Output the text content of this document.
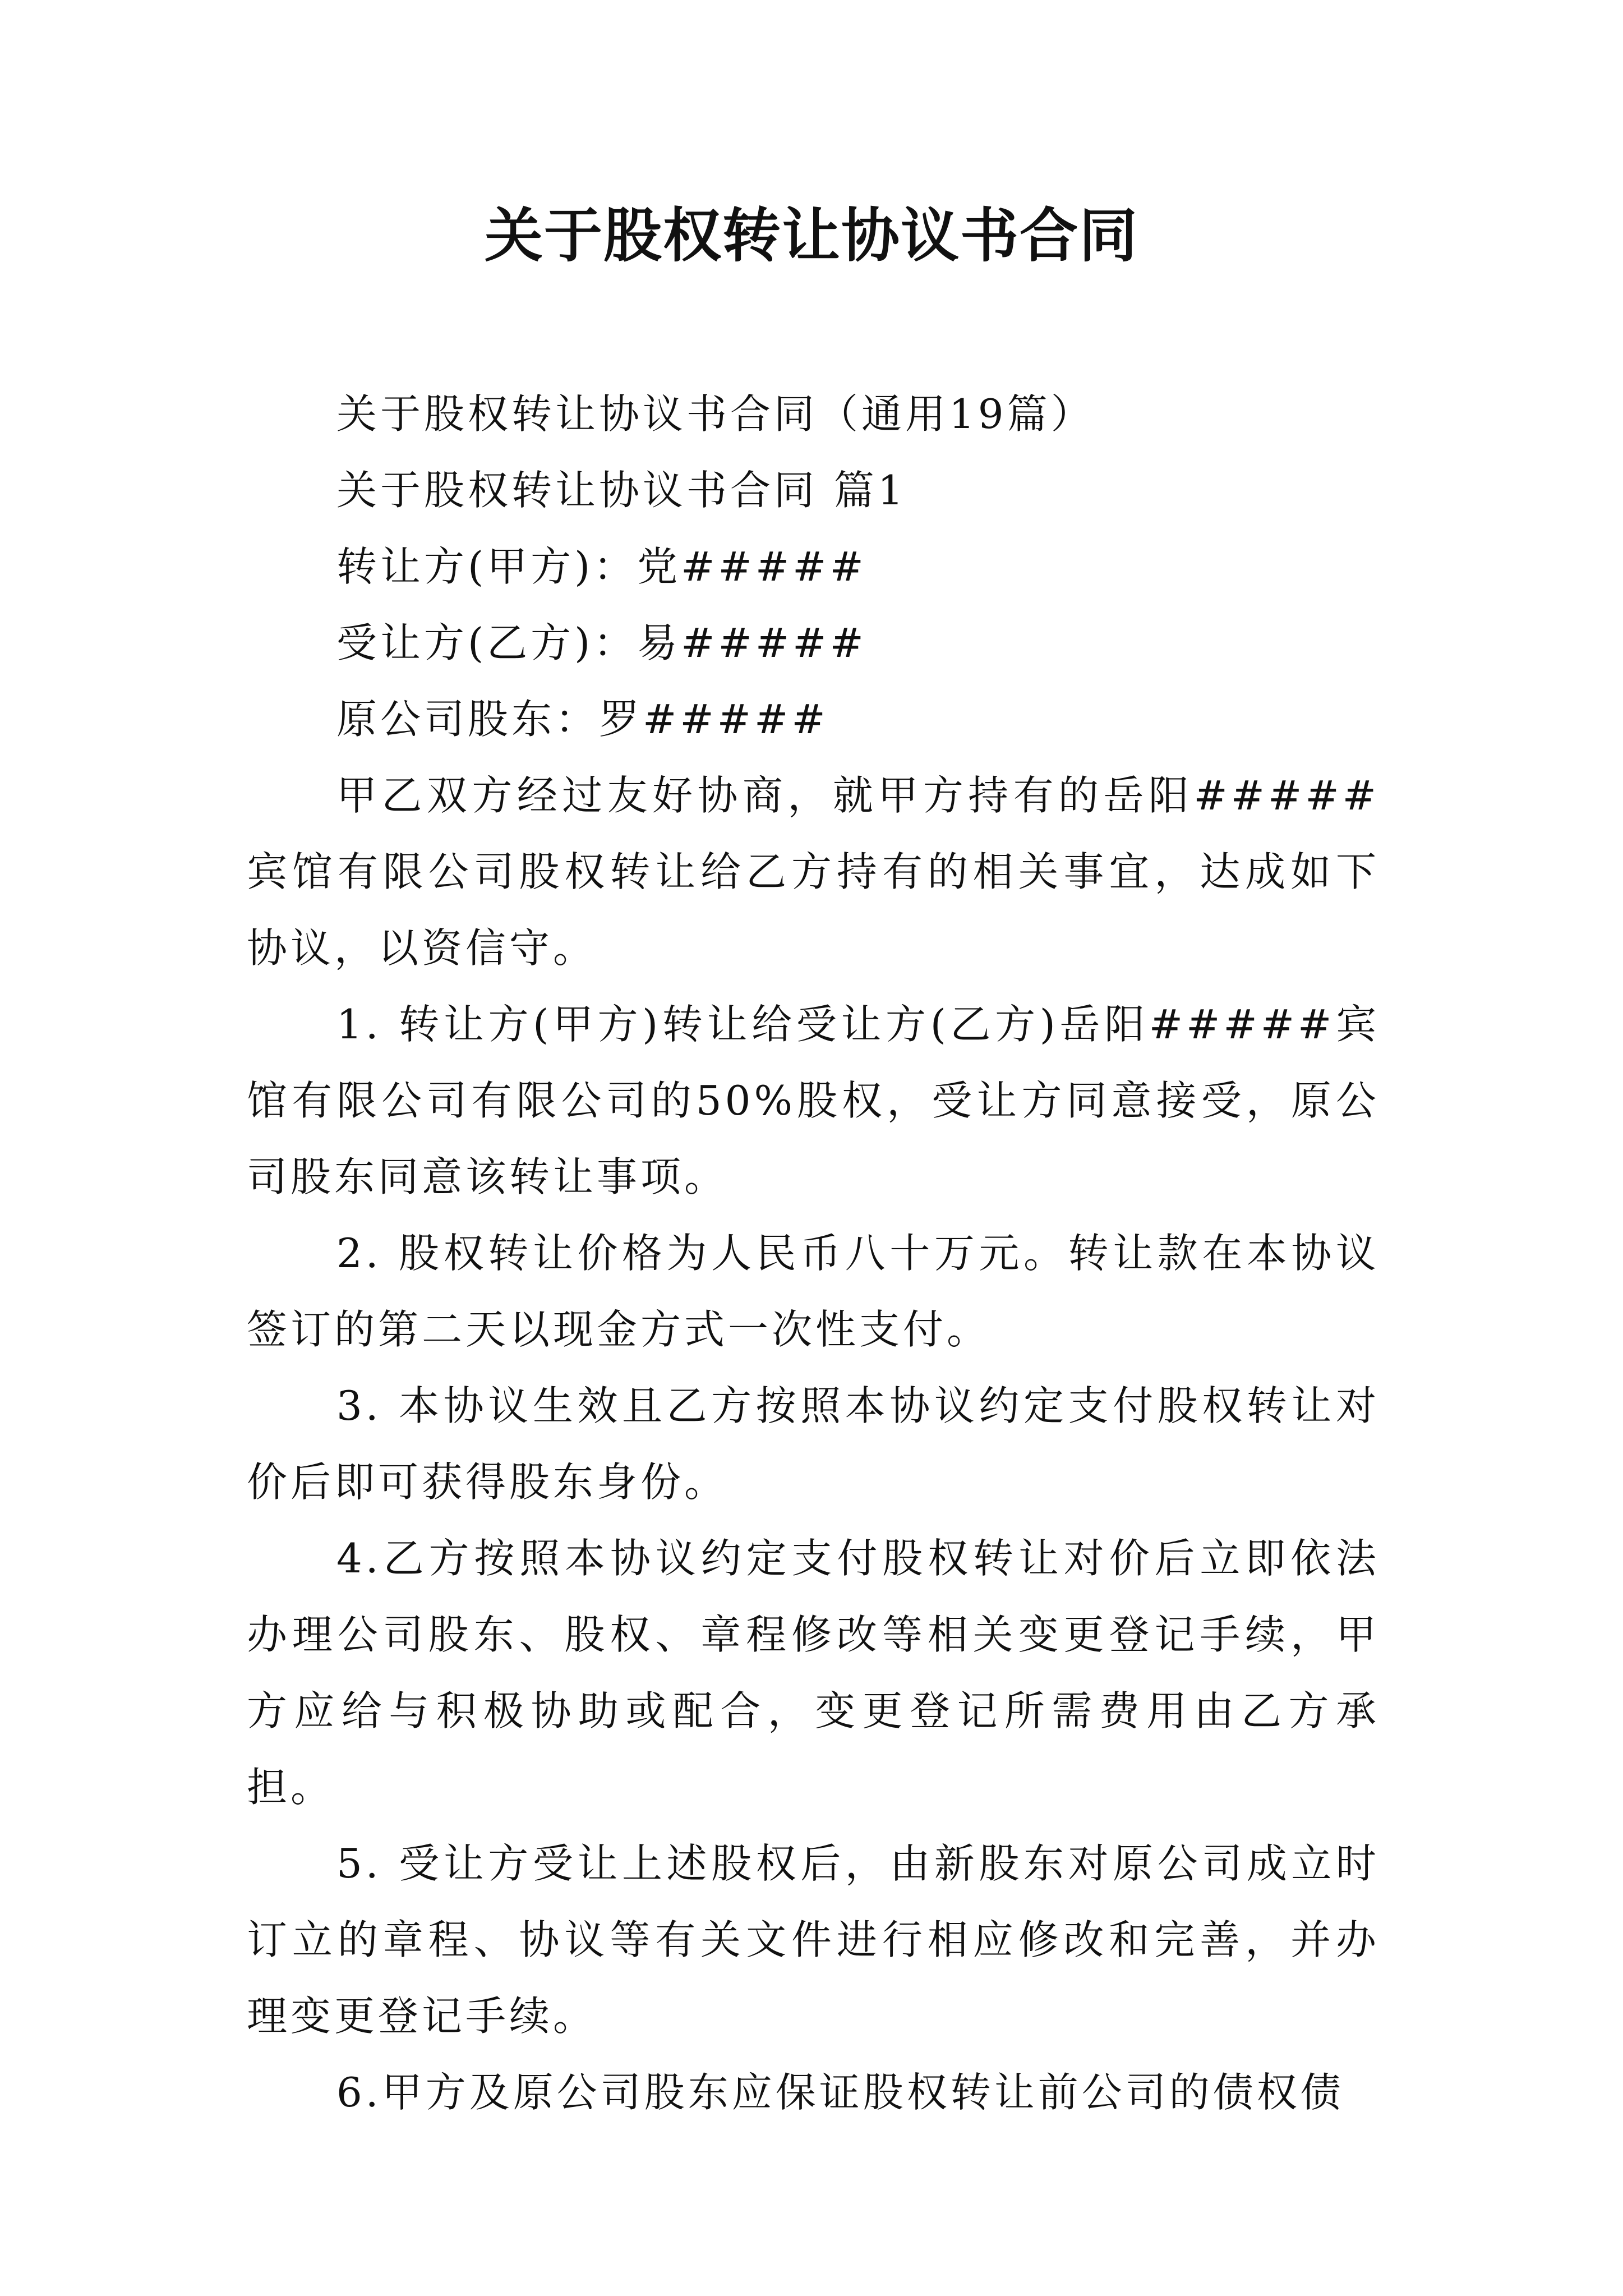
关于股权转让协议书合同

关于股权转让协议书合同（通用19篇）

关于股权转让协议书合同 篇1

转让方(甲方)：党#####

受让方(乙方)：易#####

原公司股东：罗#####

甲乙双方经过友好协商，就甲方持有的岳阳#####宾馆有限公司股权转让给乙方持有的相关事宜，达成如下协议，以资信守。

1. 转让方(甲方)转让给受让方(乙方)岳阳#####宾馆有限公司有限公司的50%股权，受让方同意接受，原公司股东同意该转让事项。

2. 股权转让价格为人民币八十万元。转让款在本协议签订的第二天以现金方式一次性支付。

3. 本协议生效且乙方按照本协议约定支付股权转让对价后即可获得股东身份。

4.乙方按照本协议约定支付股权转让对价后立即依法办理公司股东、股权、章程修改等相关变更登记手续，甲方应给与积极协助或配合，变更登记所需费用由乙方承担。

5. 受让方受让上述股权后，由新股东对原公司成立时订立的章程、协议等有关文件进行相应修改和完善，并办理变更登记手续。

6.甲方及原公司股东应保证股权转让前公司的债权债
